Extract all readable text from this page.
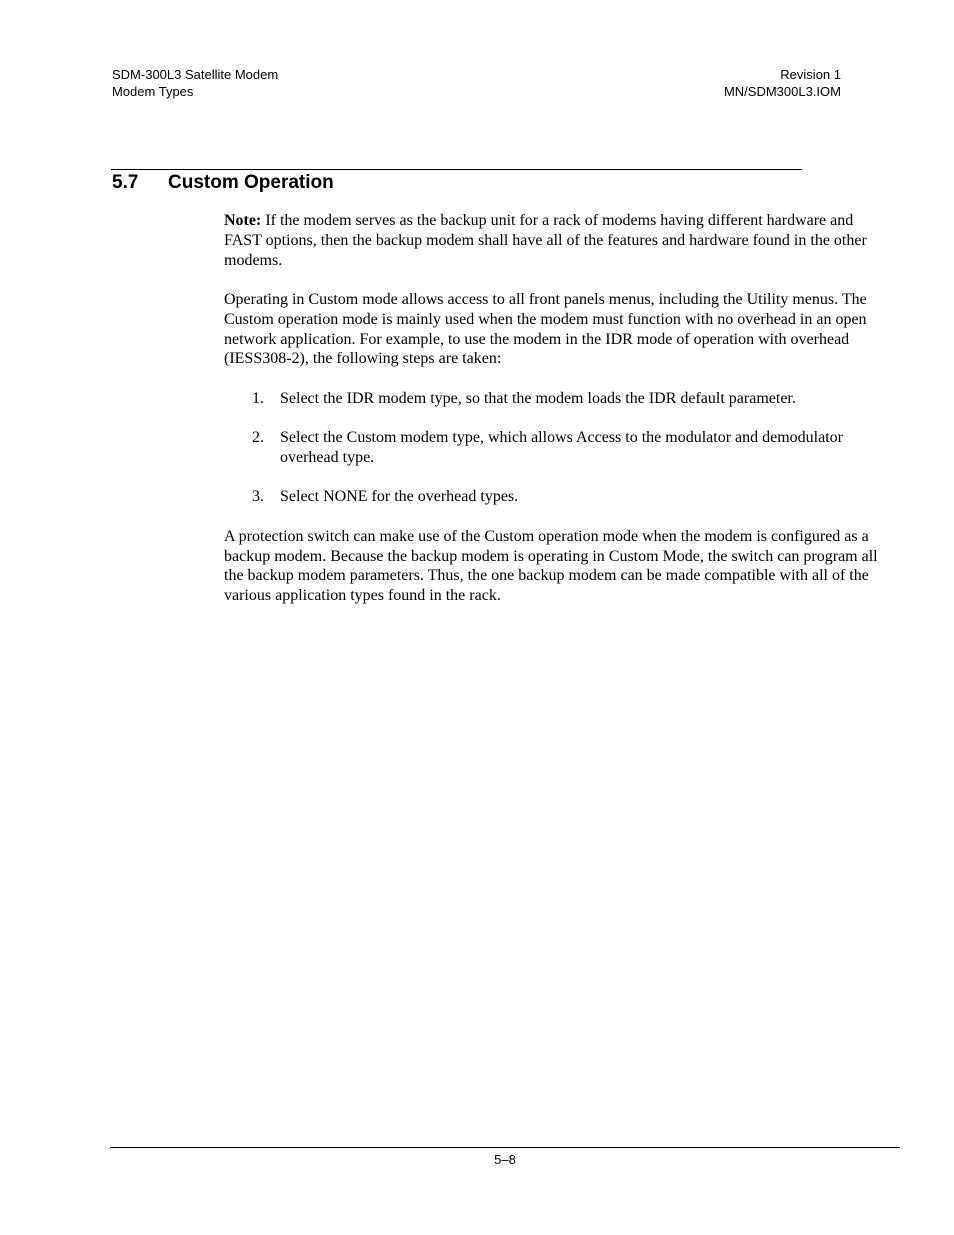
SDM-300L3 Satellite Modem
Modem Types
Revision 1
MN/SDM300L3.IOM
5.7 Custom Operation

Note: If the modem serves as the backup unit for a rack of modems having different hardware and FAST options, then the backup modem shall have all of the features and hardware found in the other modems.

Operating in Custom mode allows access to all front panels menus, including the Utility menus. The Custom operation mode is mainly used when the modem must function with no overhead in an open network application. For example, to use the modem in the IDR mode of operation with overhead (IESS308-2), the following steps are taken:

1. Select the IDR modem type, so that the modem loads the IDR default parameter.
2. Select the Custom modem type, which allows Access to the modulator and demodulator overhead type.
3. Select NONE for the overhead types.

A protection switch can make use of the Custom operation mode when the modem is configured as a backup modem. Because the backup modem is operating in Custom Mode, the switch can program all the backup modem parameters. Thus, the one backup modem can be made compatible with all of the various application types found in the rack.

5–8
